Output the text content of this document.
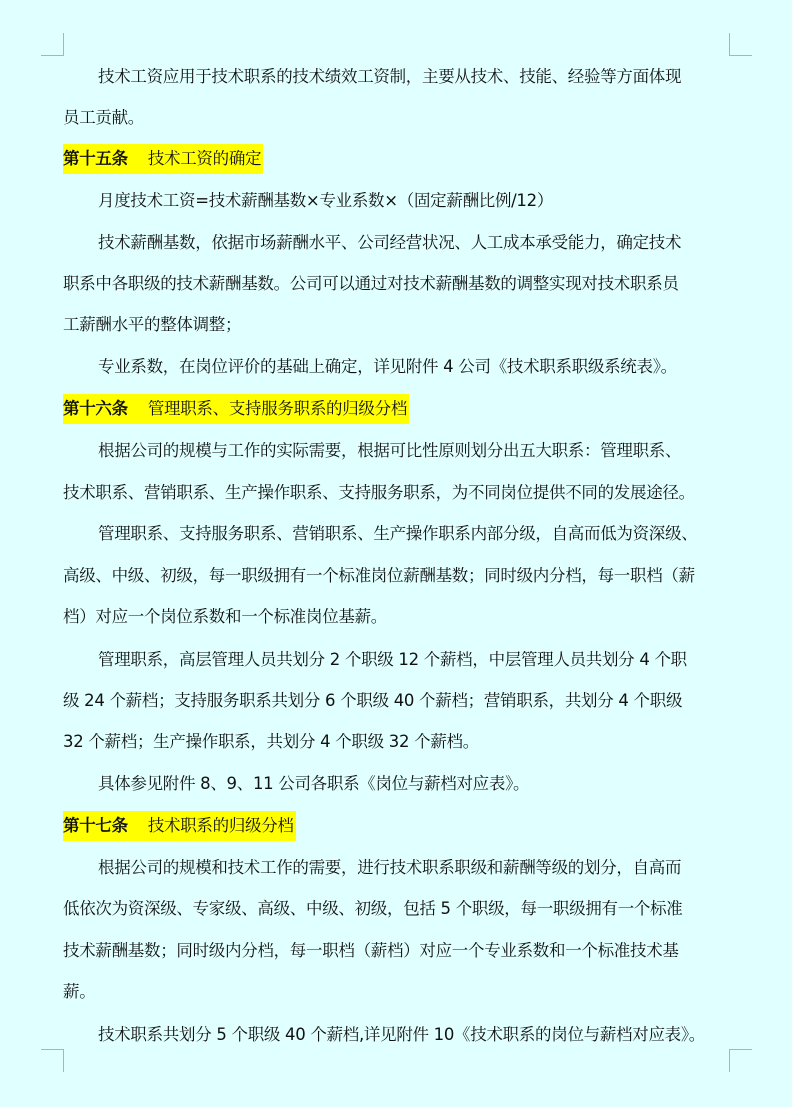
技术工资应用于技术职系的技术绩效工资制，主要从技术、技能、经验等方面体现
员工贡献。
第十五条 技术工资的确定
月度技术工资=技术薪酬基数×专业系数×（固定薪酬比例/12）
技术薪酬基数，依据市场薪酬水平、公司经营状况、人工成本承受能力，确定技术
职系中各职级的技术薪酬基数。公司可以通过对技术薪酬基数的调整实现对技术职系员
工薪酬水平的整体调整；
专业系数，在岗位评价的基础上确定，详见附件 4 公司《技术职系职级系统表》。
第十六条 管理职系、支持服务职系的归级分档
根据公司的规模与工作的实际需要，根据可比性原则划分出五大职系：管理职系、
技术职系、营销职系、生产操作职系、支持服务职系，为不同岗位提供不同的发展途径。
管理职系、支持服务职系、营销职系、生产操作职系内部分级，自高而低为资深级、
高级、中级、初级，每一职级拥有一个标准岗位薪酬基数；同时级内分档，每一职档（薪
档）对应一个岗位系数和一个标准岗位基薪。
管理职系，高层管理人员共划分 2 个职级 12 个薪档，中层管理人员共划分 4 个职
级 24 个薪档；支持服务职系共划分 6 个职级 40 个薪档；营销职系，共划分 4 个职级
32 个薪档；生产操作职系，共划分 4 个职级 32 个薪档。
具体参见附件 8、9、11 公司各职系《岗位与薪档对应表》。
第十七条 技术职系的归级分档
根据公司的规模和技术工作的需要，进行技术职系职级和薪酬等级的划分，自高而
低依次为资深级、专家级、高级、中级、初级，包括 5 个职级，每一职级拥有一个标准
技术薪酬基数；同时级内分档，每一职档（薪档）对应一个专业系数和一个标准技术基
薪。
技术职系共划分 5 个职级 40 个薪档,详见附件 10《技术职系的岗位与薪档对应表》。
